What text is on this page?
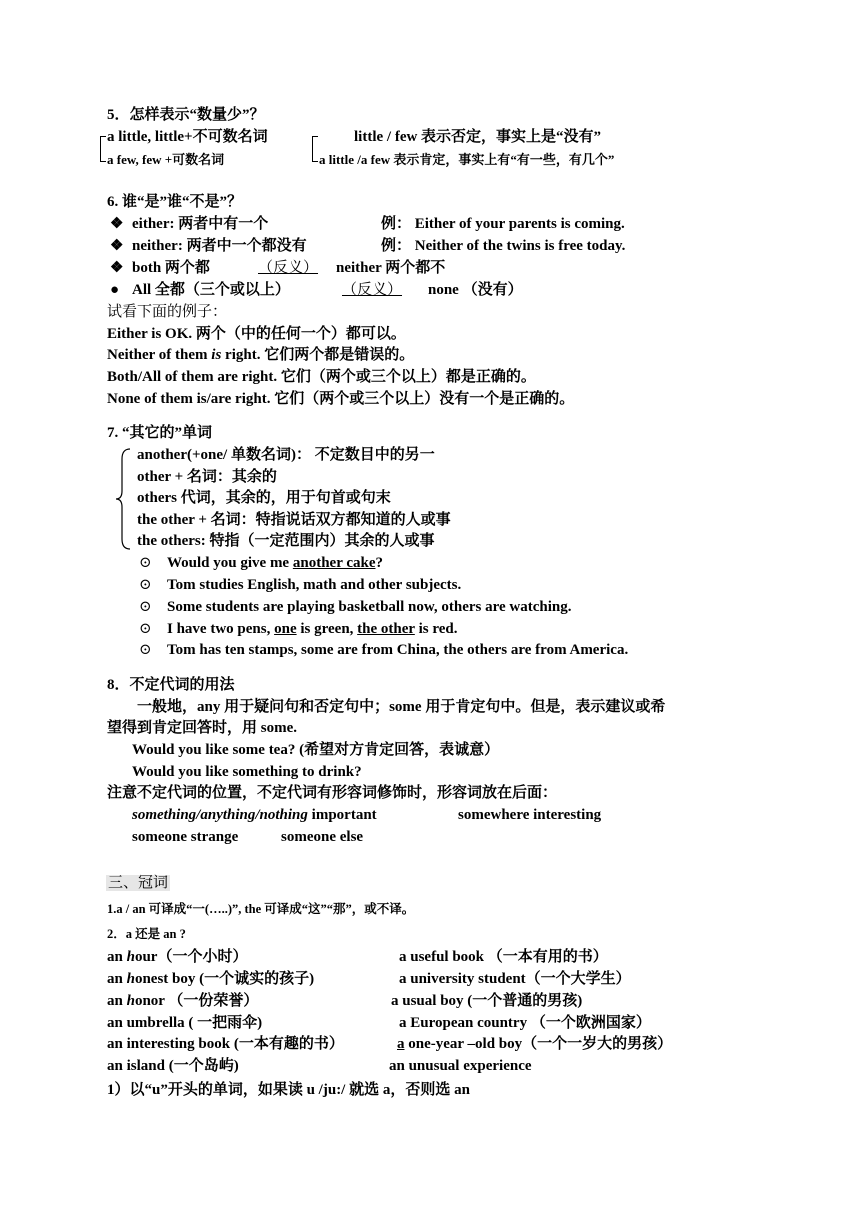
5．怎样表示“数量少”？
a little, little+不可数名词	little / few 表示否定，事实上是“没有”
a few, few +可数名词	a little /a few 表示肯定，事实上有“有一些，有几个”
6. 谁“是”谁“不是”？
❖ either: 两者中有一个	例： Either of your parents is coming.
❖ neither: 两者中一个都没有	例： Neither of the twins is free today.
❖ both 两个都	（反义） neither 两个都不
● All 全都（三个或以上）	（反义） none （没有）
试看下面的例子：
Either is OK. 两个（中的任何一个）都可以。
Neither of them is right. 它们两个都是错误的。
Both/All of them are right. 它们（两个或三个以上）都是正确的。
None of them is/are right. 它们（两个或三个以上）没有一个是正确的。
7. “其它的”单词
another(+one/ 单数名词)： 不定数目中的另一
other + 名词：其余的
others 代词，其余的，用于句首或句末
the other + 名词：特指说话双方都知道的人或事
the others: 特指（一定范围内）其余的人或事
⊙ Would you give me another cake?
⊙ Tom studies English, math and other subjects.
⊙ Some students are playing basketball now, others are watching.
⊙ I have two pens, one is green, the other is red.
⊙ Tom has ten stamps, some are from China, the others are from America.
8．不定代词的用法
一般地，any 用于疑问句和否定句中；some 用于肯定句中。但是，表示建议或希
望得到肯定回答时，用 some.
Would you like some tea? (希望对方肯定回答，表诚意）
Would you like something to drink?
注意不定代词的位置，不定代词有形容词修饰时，形容词放在后面：
something/anything/nothing important	somewhere interesting
someone strange	someone else
三、冠词
1.a / an 可译成“一(…..)”, the 可译成“这”“那”，或不译。
2．a 还是 an ?
an hour（一个小时）	a useful book （一本有用的书）
an honest boy (一个诚实的孩子)	a university student（一个大学生）
an honor （一份荣誉）	a usual boy (一个普通的男孩)
an umbrella ( 一把雨伞)	a European country （一个欧洲国家）
an interesting book (一本有趣的书）	a one-year –old boy（一个一岁大的男孩）
an island (一个岛屿)	an unusual experience
1）以“u”开头的单词，如果读 u /ju:/ 就选 a，否则选 an
